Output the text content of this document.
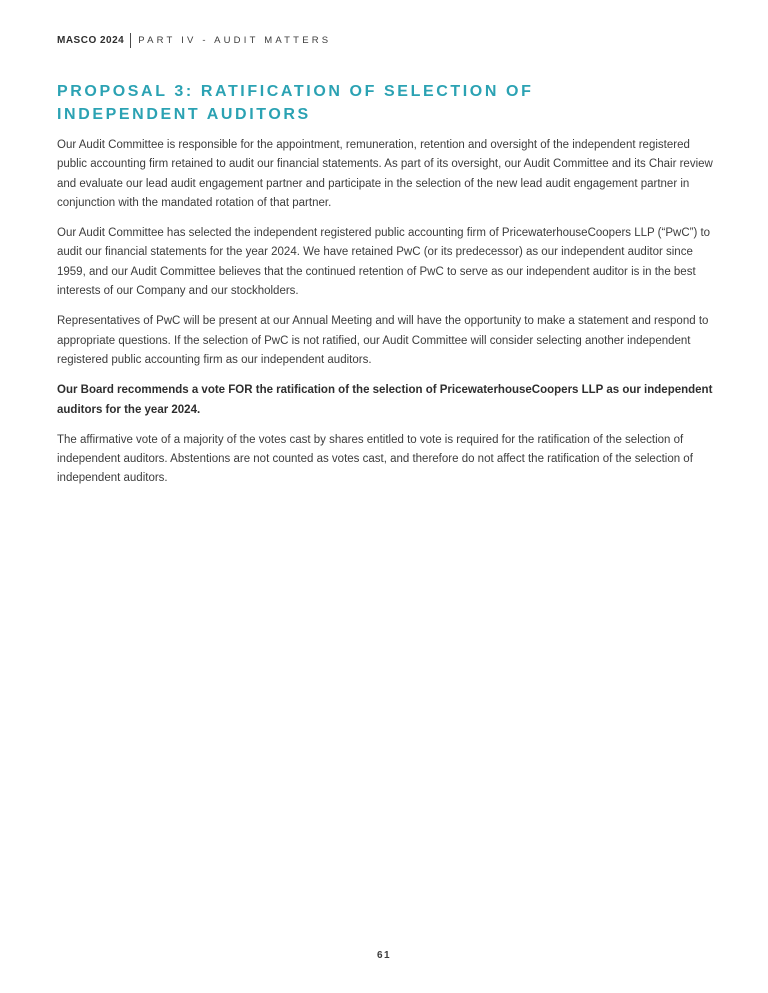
MASCO 2024 PART IV - AUDIT MATTERS
PROPOSAL 3: RATIFICATION OF SELECTION OF
INDEPENDENT AUDITORS

Our Audit Committee is responsible for the appointment, remuneration, retention and oversight of the independent registered public accounting firm retained to audit our financial statements. As part of its oversight, our Audit Committee and its Chair review and evaluate our lead audit engagement partner and participate in the selection of the new lead audit engagement partner in conjunction with the mandated rotation of that partner.

Our Audit Committee has selected the independent registered public accounting firm of PricewaterhouseCoopers LLP (“PwC”) to audit our financial statements for the year 2024. We have retained PwC (or its predecessor) as our independent auditor since 1959, and our Audit Committee believes that the continued retention of PwC to serve as our independent auditor is in the best interests of our Company and our stockholders.

Representatives of PwC will be present at our Annual Meeting and will have the opportunity to make a statement and respond to appropriate questions. If the selection of PwC is not ratified, our Audit Committee will consider selecting another independent registered public accounting firm as our independent auditors.

Our Board recommends a vote FOR the ratification of the selection of PricewaterhouseCoopers LLP as our independent auditors for the year 2024.

The affirmative vote of a majority of the votes cast by shares entitled to vote is required for the ratification of the selection of independent auditors. Abstentions are not counted as votes cast, and therefore do not affect the ratification of the selection of independent auditors.

61
